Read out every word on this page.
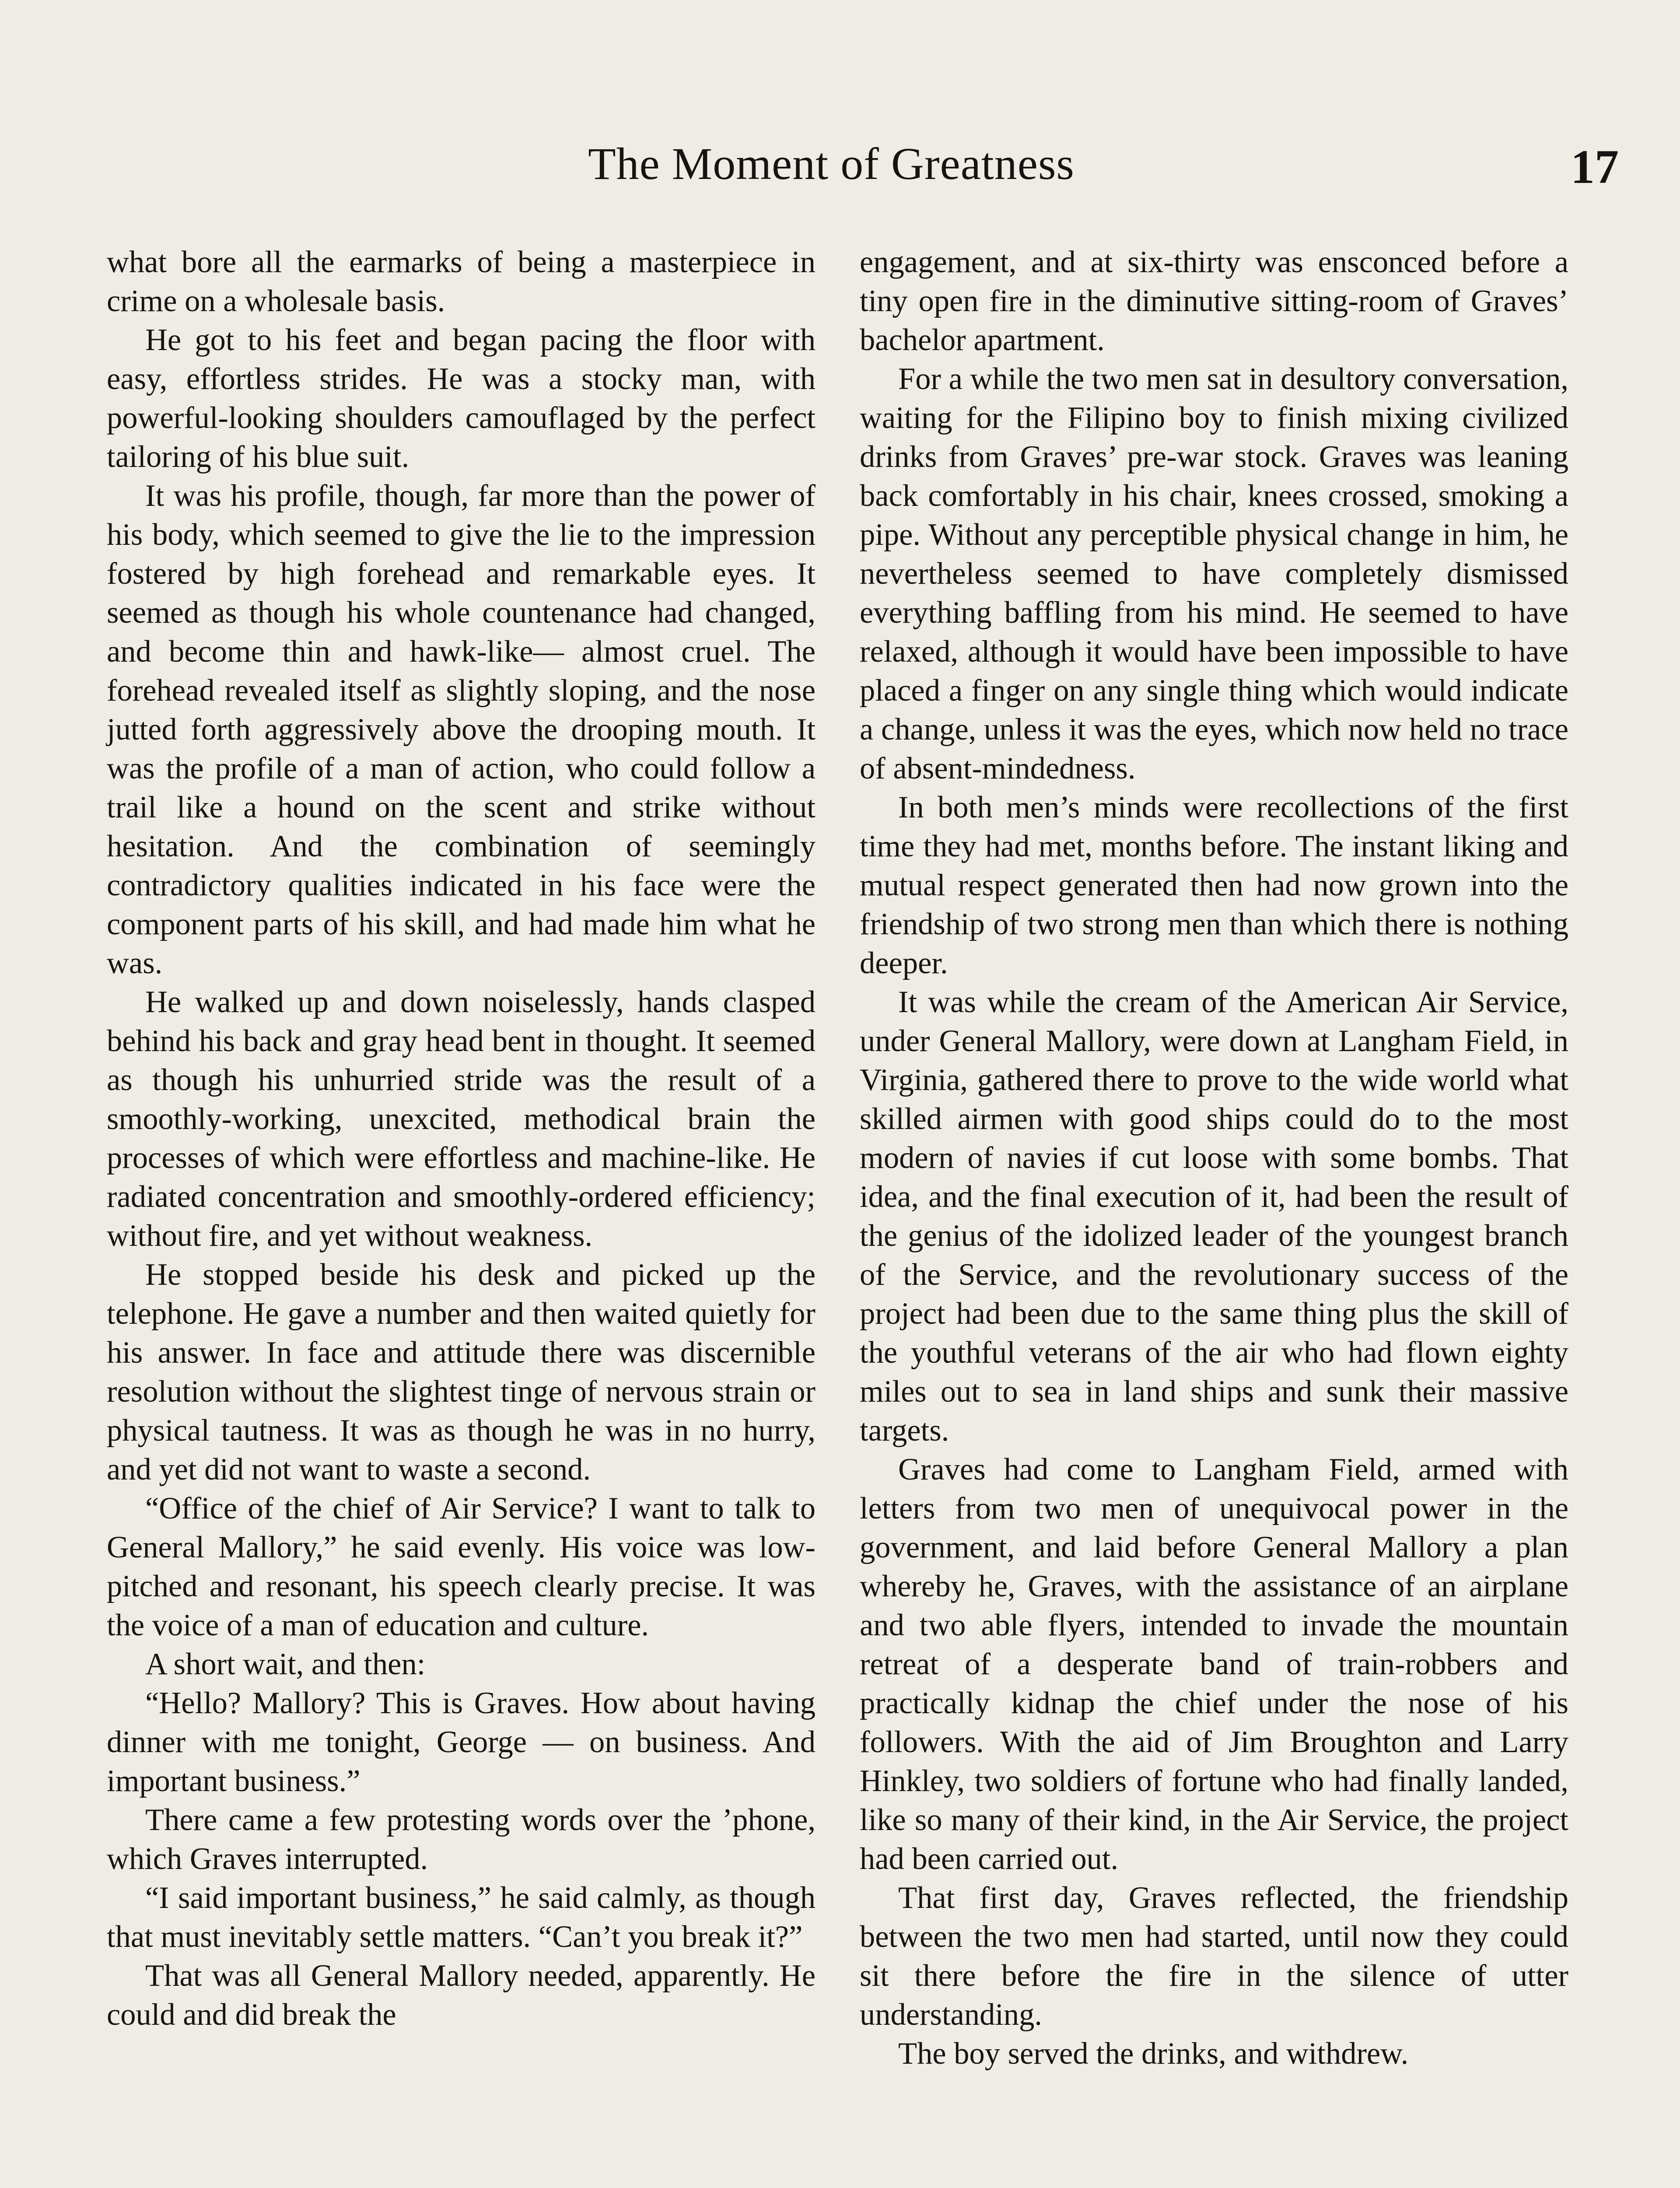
The Moment of Greatness	17

what bore all the earmarks of being a masterpiece in crime on a wholesale basis.

He got to his feet and began pacing the floor with easy, effortless strides. He was a stocky man, with powerful-looking shoulders camouflaged by the perfect tailoring of his blue suit.

It was his profile, though, far more than the power of his body, which seemed to give the lie to the impression fostered by high forehead and remarkable eyes. It seemed as though his whole countenance had changed, and become thin and hawk-like— almost cruel. The forehead revealed itself as slightly sloping, and the nose jutted forth aggressively above the drooping mouth. It was the profile of a man of action, who could follow a trail like a hound on the scent and strike without hesitation. And the combination of seemingly contradictory qualities indicated in his face were the component parts of his skill, and had made him what he was.

He walked up and down noiselessly, hands clasped behind his back and gray head bent in thought. It seemed as though his unhurried stride was the result of a smoothly-working, unexcited, methodical brain the processes of which were effortless and machine-like. He radiated concentration and smoothly-ordered efficiency; without fire, and yet without weakness.

He stopped beside his desk and picked up the telephone. He gave a number and then waited quietly for his answer. In face and attitude there was discernible resolution without the slightest tinge of nervous strain or physical tautness. It was as though he was in no hurry, and yet did not want to waste a second.

“Office of the chief of Air Service? I want to talk to General Mallory,” he said evenly. His voice was low-pitched and resonant, his speech clearly precise. It was the voice of a man of education and culture.

A short wait, and then:

“Hello? Mallory? This is Graves. How about having dinner with me tonight, George — on business. And important business.”

There came a few protesting words over the ’phone, which Graves interrupted.

“I said important business,” he said calmly, as though that must inevitably settle matters. “Can’t you break it?”

That was all General Mallory needed, apparently. He could and did break the

engagement, and at six-thirty was ensconced before a tiny open fire in the diminutive sitting-room of Graves’ bachelor apartment.

For a while the two men sat in desultory conversation, waiting for the Filipino boy to finish mixing civilized drinks from Graves’ pre-war stock. Graves was leaning back comfortably in his chair, knees crossed, smoking a pipe. Without any perceptible physical change in him, he nevertheless seemed to have completely dismissed everything baffling from his mind. He seemed to have relaxed, although it would have been impossible to have placed a finger on any single thing which would indicate a change, unless it was the eyes, which now held no trace of absent-mindedness.

In both men’s minds were recollections of the first time they had met, months before. The instant liking and mutual respect generated then had now grown into the friendship of two strong men than which there is nothing deeper.

It was while the cream of the American Air Service, under General Mallory, were down at Langham Field, in Virginia, gathered there to prove to the wide world what skilled airmen with good ships could do to the most modern of navies if cut loose with some bombs. That idea, and the final execution of it, had been the result of the genius of the idolized leader of the youngest branch of the Service, and the revolutionary success of the project had been due to the same thing plus the skill of the youthful veterans of the air who had flown eighty miles out to sea in land ships and sunk their massive targets.

Graves had come to Langham Field, armed with letters from two men of unequivocal power in the government, and laid before General Mallory a plan whereby he, Graves, with the assistance of an airplane and two able flyers, intended to invade the mountain retreat of a desperate band of train-robbers and practically kidnap the chief under the nose of his followers. With the aid of Jim Broughton and Larry Hinkley, two soldiers of fortune who had finally landed, like so many of their kind, in the Air Service, the project had been carried out.

That first day, Graves reflected, the friendship between the two men had started, until now they could sit there before the fire in the silence of utter understanding.

The boy served the drinks, and withdrew.
